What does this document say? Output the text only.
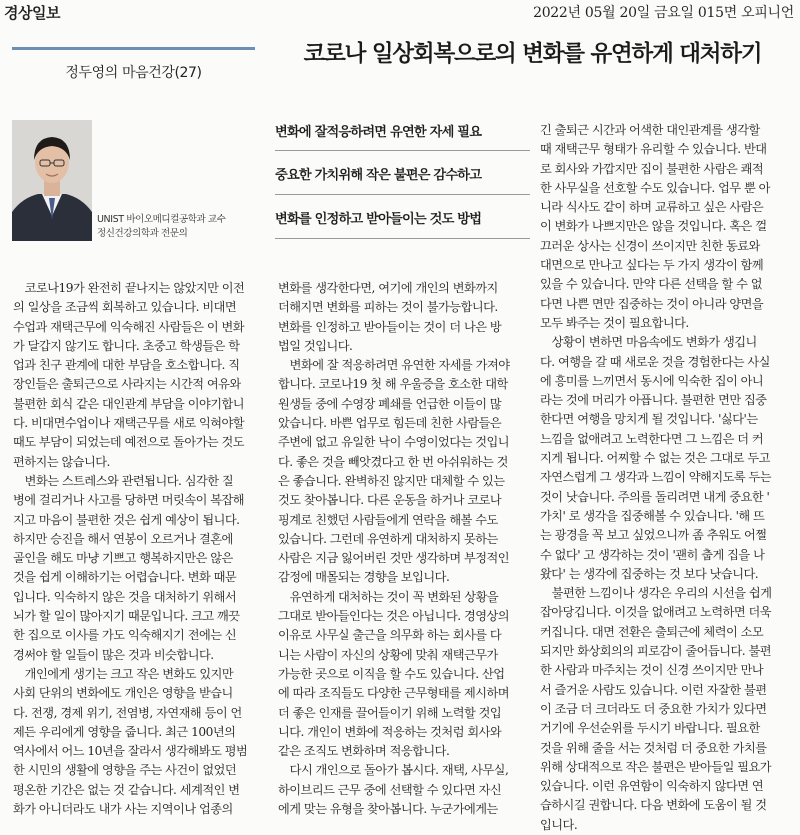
경상일보	2022년 05월 20일 금요일 015면 오피니언
정두영의 마음건강(27)
코로나 일상회복으로의 변화를 유연하게 대처하기
UNIST 바이오메디컬공학과 교수
정신건강의학과 전문의
변화에 잘적응하려면 유연한 자세 필요
중요한 가치위해 작은 불편은 감수하고
변화를 인정하고 받아들이는 것도 방법
　코로나19가 완전히 끝나지는 않았지만 이전
의 일상을 조금씩 회복하고 있습니다. 비대면
수업과 재택근무에 익숙해진 사람들은 이 변화
가 달갑지 않기도 합니다. 초중고 학생들은 학
업과 친구 관계에 대한 부담을 호소합니다. 직
장인들은 출퇴근으로 사라지는 시간적 여유와
불편한 회식 같은 대인관계 부담을 이야기합니
다. 비대면수업이나 재택근무를 새로 익혀야할
때도 부담이 되었는데 예전으로 돌아가는 것도
편하지는 않습니다.
　변화는 스트레스와 관련됩니다. 심각한 질
병에 걸리거나 사고를 당하면 머릿속이 복잡해
지고 마음이 불편한 것은 쉽게 예상이 됩니다.
하지만 승진을 해서 연봉이 오르거나 결혼에
골인을 해도 마냥 기쁘고 행복하지만은 않은
것을 쉽게 이해하기는 어렵습니다. 변화 때문
입니다. 익숙하지 않은 것을 대처하기 위해서
뇌가 할 일이 많아지기 때문입니다. 크고 깨끗
한 집으로 이사를 가도 익숙해지기 전에는 신
경써야 할 일들이 많은 것과 비슷합니다.
　개인에게 생기는 크고 작은 변화도 있지만
사회 단위의 변화에도 개인은 영향을 받습니
다. 전쟁, 경제 위기, 전염병, 자연재해 등이 언
제든 우리에게 영향을 줍니다. 최근 100년의
역사에서 어느 10년을 잘라서 생각해봐도 평범
한 시민의 생활에 영향을 주는 사건이 없었던
평온한 기간은 없는 것 같습니다. 세계적인 변
화가 아니더라도 내가 사는 지역이나 업종의
변화를 생각한다면, 여기에 개인의 변화까지
더해지면 변화를 피하는 것이 불가능합니다.
변화를 인정하고 받아들이는 것이 더 나은 방
법일 것입니다.
　변화에 잘 적응하려면 유연한 자세를 가져야
합니다. 코로나19 첫 해 우울증을 호소한 대학
원생들 중에 수영장 폐쇄를 언급한 이들이 많
았습니다. 바쁜 업무로 힘든데 친한 사람들은
주변에 없고 유일한 낙이 수영이었다는 것입니
다. 좋은 것을 빼앗겼다고 한 번 아쉬워하는 것
은 좋습니다. 완벽하진 않지만 대체할 수 있는
것도 찾아봅니다. 다른 운동을 하거나 코로나
핑계로 친했던 사람들에게 연락을 해볼 수도
있습니다. 그런데 유연하게 대처하지 못하는
사람은 지금 잃어버린 것만 생각하며 부정적인
감정에 매몰되는 경향을 보입니다.
　유연하게 대처하는 것이 꼭 변화된 상황을
그대로 받아들인다는 것은 아닙니다. 경영상의
이유로 사무실 출근을 의무화 하는 회사를 다
니는 사람이 자신의 상황에 맞춰 재택근무가
가능한 곳으로 이직을 할 수도 있습니다. 산업
에 따라 조직들도 다양한 근무형태를 제시하며
더 좋은 인재를 끌어들이기 위해 노력할 것입
니다. 개인이 변화에 적응하는 것처럼 회사와
같은 조직도 변화하며 적응합니다.
　다시 개인으로 돌아가 봅시다. 재택, 사무실,
하이브리드 근무 중에 선택할 수 있다면 자신
에게 맞는 유형을 찾아봅니다. 누군가에게는
긴 출퇴근 시간과 어색한 대인관계를 생각할
때 재택근무 형태가 유리할 수 있습니다. 반대
로 회사와 가깝지만 집이 불편한 사람은 쾌적
한 사무실을 선호할 수도 있습니다. 업무 뿐 아
니라 식사도 같이 하며 교류하고 싶은 사람은
이 변화가 나쁘지만은 않을 것입니다. 혹은 껄
끄러운 상사는 신경이 쓰이지만 친한 동료와
대면으로 만나고 싶다는 두 가지 생각이 함께
있을 수 있습니다. 만약 다른 선택을 할 수 없
다면 나쁜 면만 집중하는 것이 아니라 양면을
모두 봐주는 것이 필요합니다.
　상황이 변하면 마음속에도 변화가 생깁니
다. 여행을 갈 때 새로운 것을 경험한다는 사실
에 흥미를 느끼면서 동시에 익숙한 집이 아니
라는 것에 머리가 아픕니다. 불편한 면만 집중
한다면 여행을 망치게 될 것입니다. '싫다'는
느낌을 없애려고 노력한다면 그 느낌은 더 커
지게 됩니다. 어찌할 수 없는 것은 그대로 두고
자연스럽게 그 생각과 느낌이 약해지도록 두는
것이 낫습니다. 주의를 돌리려면 내게 중요한 '
가치' 로 생각을 집중해볼 수 있습니다. '해 뜨
는 광경을 꼭 보고 싶었으니까 좀 추워도 어쩔
수 없다' 고 생각하는 것이 '괜히 춥게 집을 나
왔다' 는 생각에 집중하는 것 보다 낫습니다.
　불편한 느낌이나 생각은 우리의 시선을 쉽게
잡아당깁니다. 이것을 없애려고 노력하면 더욱
커집니다. 대면 전환은 출퇴근에 체력이 소모
되지만 화상회의의 피로감이 줄어듭니다. 불편
한 사람과 마주치는 것이 신경 쓰이지만 만나
서 즐거운 사람도 있습니다. 이런 자잘한 불편
이 조금 더 크더라도 더 중요한 가치가 있다면
거기에 우선순위를 두시기 바랍니다. 필요한
것을 위해 줄을 서는 것처럼 더 중요한 가치를
위해 상대적으로 작은 불편은 받아들일 필요가
있습니다. 이런 유연함이 익숙하지 않다면 연
습하시길 권합니다. 다음 변화에 도움이 될 것
입니다.
